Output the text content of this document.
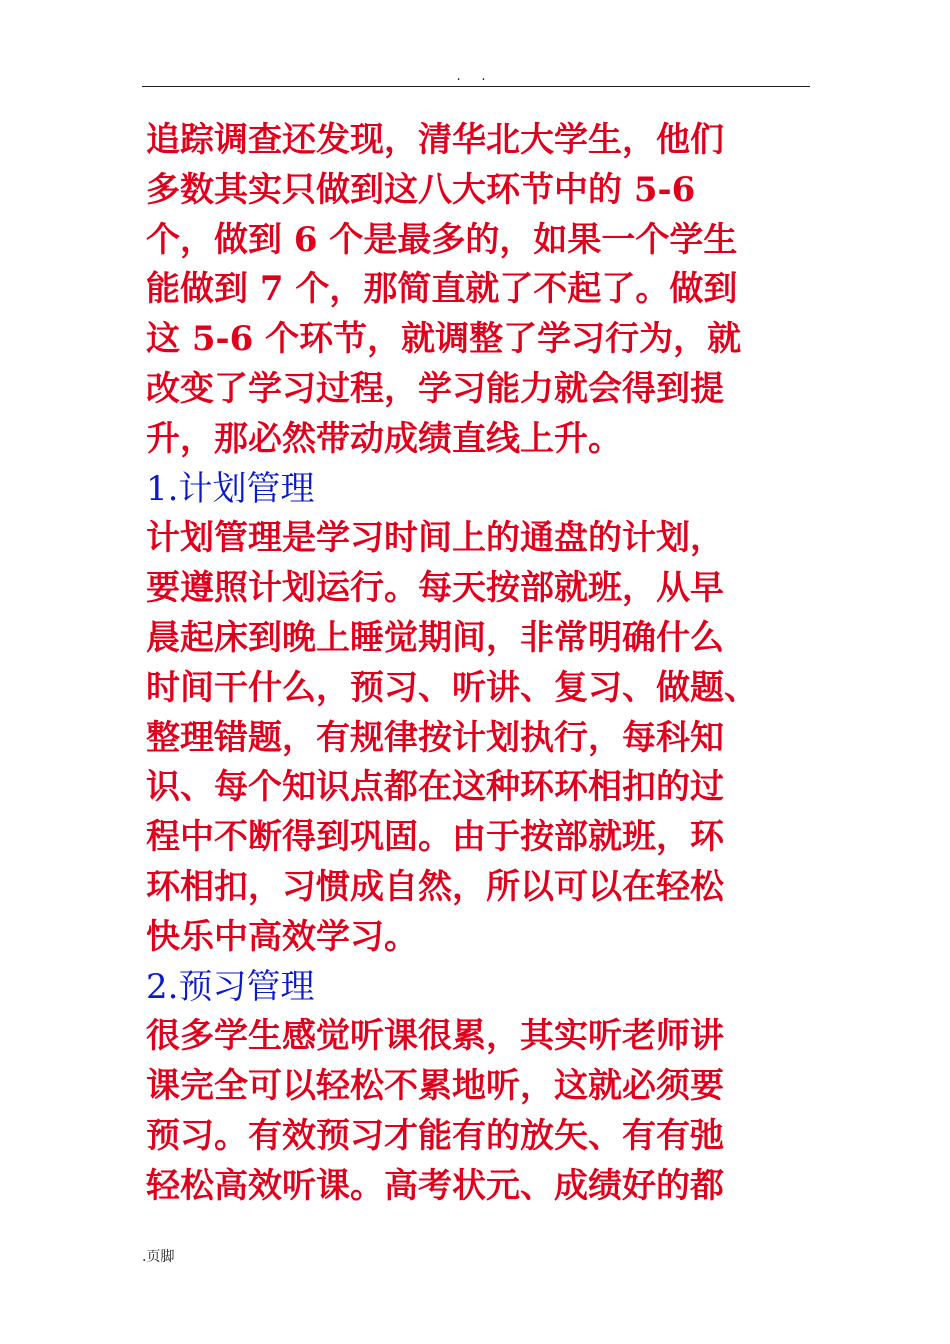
. .
追踪调查还发现，清华北大学生，他们
多数其实只做到这八大环节中的 5-6
个，做到 6 个是最多的，如果一个学生
能做到 7 个，那简直就了不起了。做到
这 5-6 个环节，就调整了学习行为，就
改变了学习过程，学习能力就会得到提
升，那必然带动成绩直线上升。
1.计划管理
计划管理是学习时间上的通盘的计划，
要遵照计划运行。每天按部就班，从早
晨起床到晚上睡觉期间，非常明确什么
时间干什么，预习、听讲、复习、做题、
整理错题，有规律按计划执行，每科知
识、每个知识点都在这种环环相扣的过
程中不断得到巩固。由于按部就班，环
环相扣，习惯成自然，所以可以在轻松
快乐中高效学习。
2.预习管理
很多学生感觉听课很累，其实听老师讲
课完全可以轻松不累地听，这就必须要
预习。有效预习才能有的放矢、有有弛
轻松高效听课。高考状元、成绩好的都
.页脚
